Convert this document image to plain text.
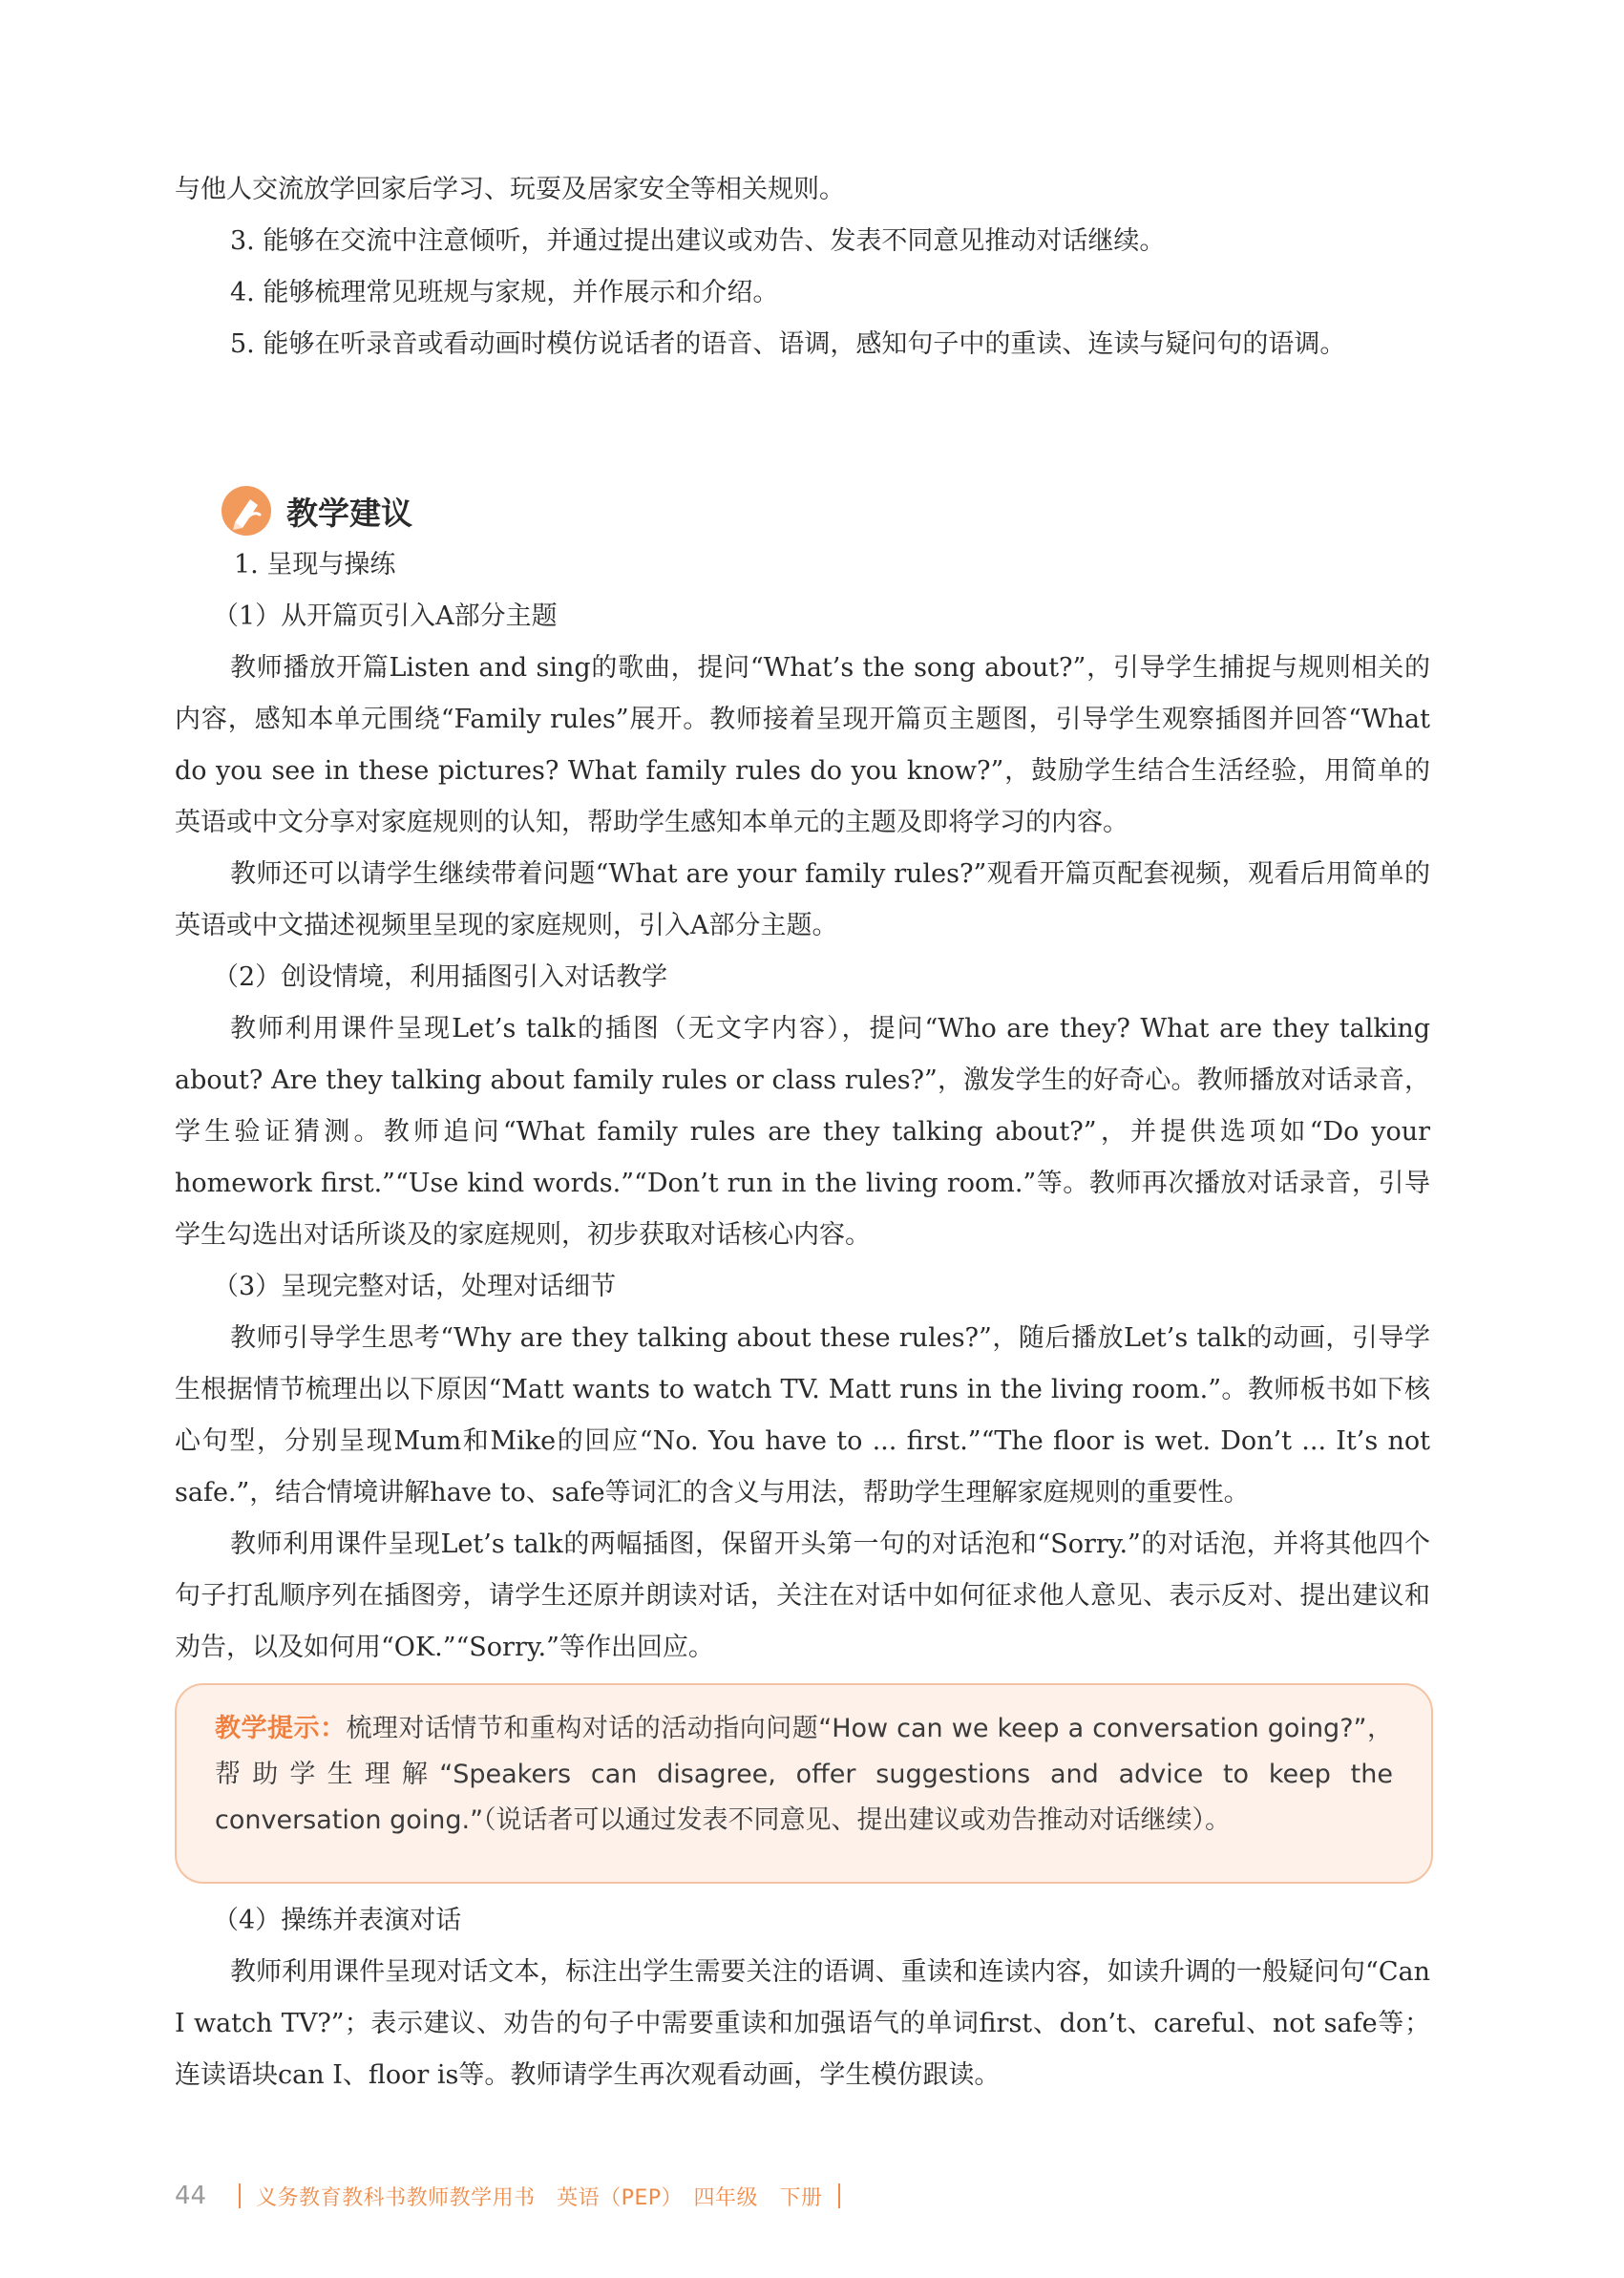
与他人交流放学回家后学习、玩耍及居家安全等相关规则。

3. 能够在交流中注意倾听，并通过提出建议或劝告、发表不同意见推动对话继续。

4. 能够梳理常见班规与家规，并作展示和介绍。

5. 能够在听录音或看动画时模仿说话者的语音、语调，感知句子中的重读、连读与疑问句的语调。

教学建议

1. 呈现与操练

（1）从开篇页引入A部分主题

教师播放开篇Listen and sing的歌曲，提问“What’s the song about?”，引导学生捕捉与规则相关的内容，感知本单元围绕“Family rules”展开。教师接着呈现开篇页主题图，引导学生观察插图并回答“What do you see in these pictures? What family rules do you know?”，鼓励学生结合生活经验，用简单的英语或中文分享对家庭规则的认知，帮助学生感知本单元的主题及即将学习的内容。

教师还可以请学生继续带着问题“What are your family rules?”观看开篇页配套视频，观看后用简单的英语或中文描述视频里呈现的家庭规则，引入A部分主题。

（2）创设情境，利用插图引入对话教学

教师利用课件呈现Let’s talk的插图（无文字内容），提问“Who are they? What are they talking about? Are they talking about family rules or class rules?”，激发学生的好奇心。教师播放对话录音，学生验证猜测。教师追问“What family rules are they talking about?”，并提供选项如“Do your homework first.”“Use kind words.”“Don’t run in the living room.”等。教师再次播放对话录音，引导学生勾选出对话所谈及的家庭规则，初步获取对话核心内容。

（3）呈现完整对话，处理对话细节

教师引导学生思考“Why are they talking about these rules?”，随后播放Let’s talk的动画，引导学生根据情节梳理出以下原因“Matt wants to watch TV. Matt runs in the living room.”。教师板书如下核心句型，分别呈现Mum和Mike的回应“No. You have to ... first.”“The floor is wet. Don’t ... It’s not safe.”，结合情境讲解have to、safe等词汇的含义与用法，帮助学生理解家庭规则的重要性。

教师利用课件呈现Let’s talk的两幅插图，保留开头第一句的对话泡和“Sorry.”的对话泡，并将其他四个句子打乱顺序列在插图旁，请学生还原并朗读对话，关注在对话中如何征求他人意见、表示反对、提出建议和劝告，以及如何用“OK.”“Sorry.”等作出回应。

教学提示：梳理对话情节和重构对话的活动指向问题“How can we keep a conversation going?”，帮助学生理解“Speakers can disagree, offer suggestions and advice to keep the conversation going.”（说话者可以通过发表不同意见、提出建议或劝告推动对话继续）。

（4）操练并表演对话

教师利用课件呈现对话文本，标注出学生需要关注的语调、重读和连读内容，如读升调的一般疑问句“Can I watch TV?”；表示建议、劝告的句子中需要重读和加强语气的单词first、don’t、careful、not safe等；连读语块can I、floor is等。教师请学生再次观看动画，学生模仿跟读。

44 义务教育教科书教师教学用书　英语（PEP）　四年级　下册
